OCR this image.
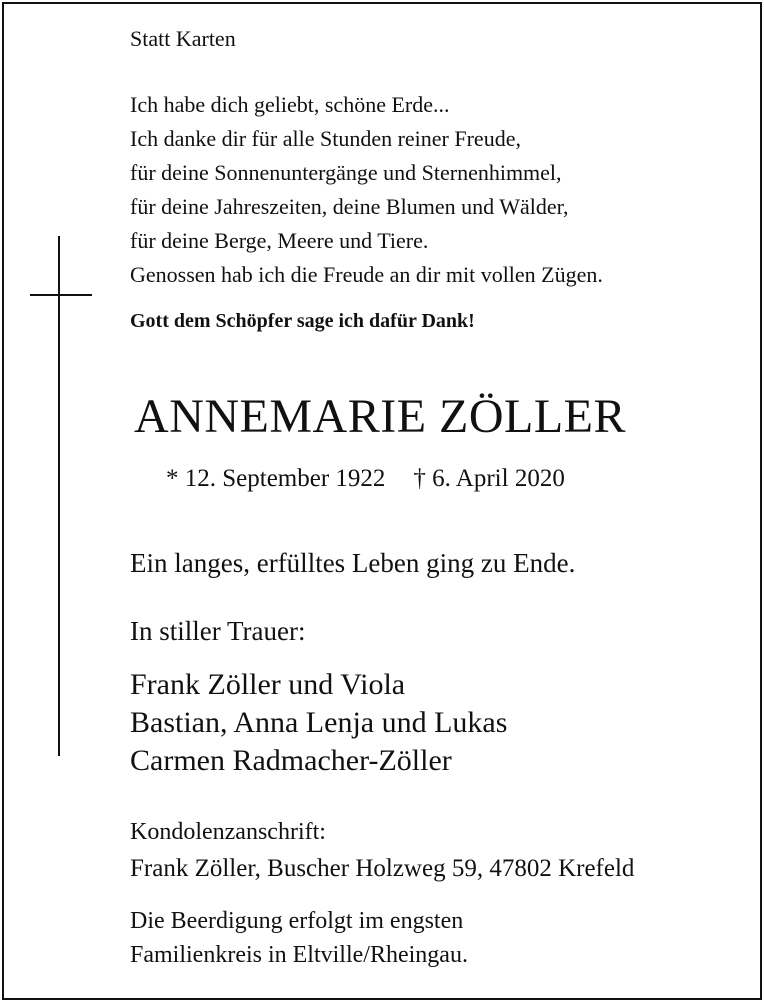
Statt Karten
Ich habe dich geliebt, schöne Erde...
Ich danke dir für alle Stunden reiner Freude,
für deine Sonnenuntergänge und Sternenhimmel,
für deine Jahreszeiten, deine Blumen und Wälder,
für deine Berge, Meere und Tiere.
Genossen hab ich die Freude an dir mit vollen Zügen.
Gott dem Schöpfer sage ich dafür Dank!
ANNEMARIE ZÖLLER
* 12. September 1922 † 6. April 2020
Ein langes, erfülltes Leben ging zu Ende.
In stiller Trauer:
Frank Zöller und Viola
Bastian, Anna Lenja und Lukas
Carmen Radmacher-Zöller
Kondolenzanschrift:
Frank Zöller, Buscher Holzweg 59, 47802 Krefeld
Die Beerdigung erfolgt im engsten
Familienkreis in Eltville/Rheingau.
